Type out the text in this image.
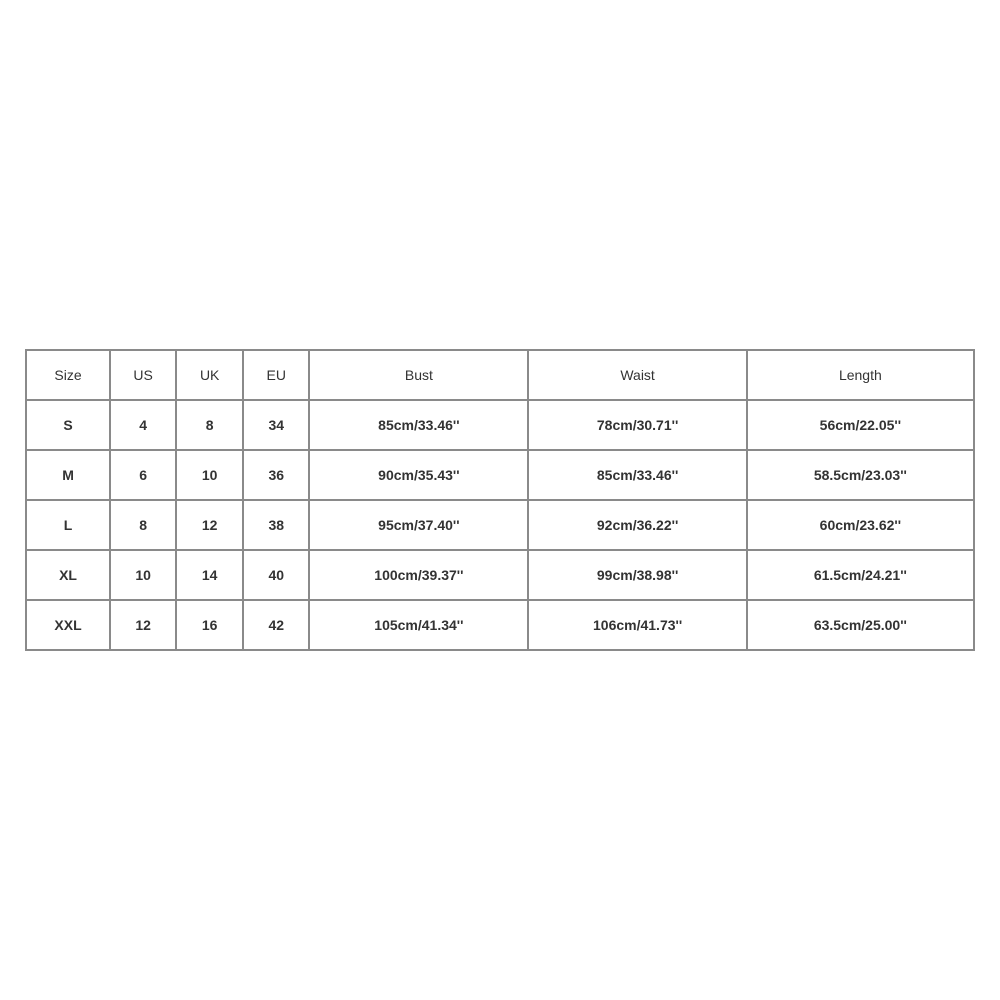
Size	US	UK	EU	Bust	Waist	Length
S	4	8	34	85cm/33.46''	78cm/30.71''	56cm/22.05''
M	6	10	36	90cm/35.43''	85cm/33.46''	58.5cm/23.03''
L	8	12	38	95cm/37.40''	92cm/36.22''	60cm/23.62''
XL	10	14	40	100cm/39.37''	99cm/38.98''	61.5cm/24.21''
XXL	12	16	42	105cm/41.34''	106cm/41.73''	63.5cm/25.00''
